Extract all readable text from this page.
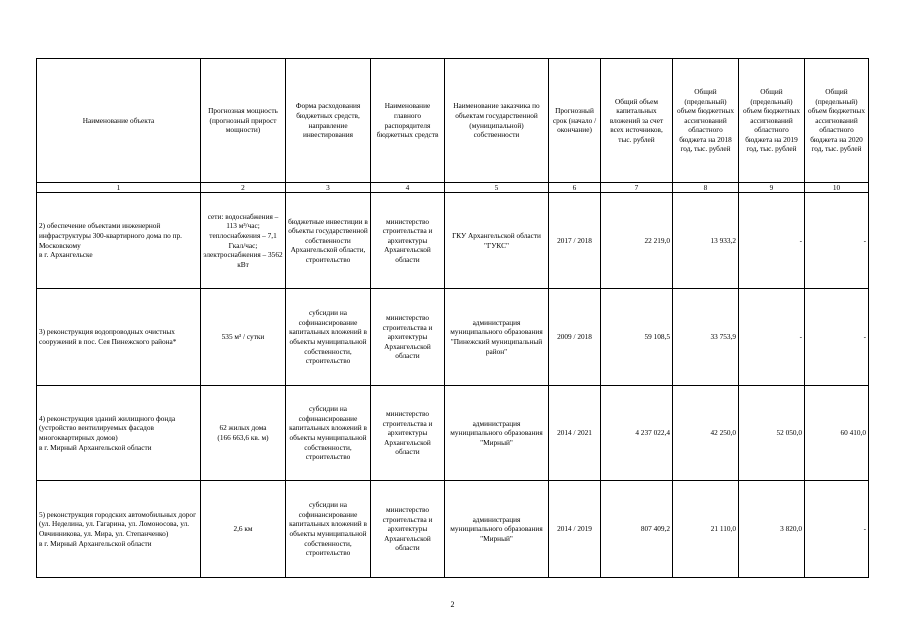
Наименование объекта	Прогнозная мощность (прогнозный прирост мощности)	Форма расходования бюджетных средств, направление инвестирования	Наименование главного распорядителя бюджетных средств	Наименование заказчика по объектам государственной (муниципальной) собственности	Прогнозный срок (начало / окончание)	Общий объем капитальных вложений за счет всех источников, тыс. рублей	Общий (предельный) объем бюджетных ассигнований областного бюджета на 2018 год, тыс. рублей	Общий (предельный) объем бюджетных ассигнований областного бюджета на 2019 год, тыс. рублей	Общий (предельный) объем бюджетных ассигнований областного бюджета на 2020 год, тыс. рублей
1	2	3	4	5	6	7	8	9	10

2) обеспечение объектами инженерной инфраструктуры 300-квартирного дома по пр. Московскому
в г. Архангельске	сети: водоснабжения – 113 м³/час;
теплоснабжения – 7,1 Гкал/час;
электроснабжения – 3562 кВт	бюджетные инвестиции в объекты государственной собственности Архангельской области, строительство	министерство строительства и архитектуры Архангельской области	ГКУ Архангельской области "ГУКС"	2017 / 2018	22 219,0	13 933,2	-	-

3) реконструкция водопроводных очистных сооружений в пос. Сея Пинежского района*	535 м³ / сутки	субсидии на софинансирование капитальных вложений в объекты муниципальной собственности, строительство	министерство строительства и архитектуры Архангельской области	администрация муниципального образования "Пинежский муниципальный район"	2009 / 2018	59 108,5	33 753,9	-	-

4) реконструкция зданий жилищного фонда (устройство вентилируемых фасадов многоквартирных домов)
в г. Мирный Архангельской области	62 жилых дома
(166 663,6 кв. м)	субсидии на софинансирование капитальных вложений в объекты муниципальной собственности, строительство	министерство строительства и архитектуры Архангельской области	администрация муниципального образования "Мирный"	2014 / 2021	4 237 022,4	42 250,0	52 050,0	60 410,0

5) реконструкция городских автомобильных дорог
(ул. Неделина, ул. Гагарина, ул. Ломоносова, ул. Овчинникова, ул. Мира, ул. Степанченко)
в г. Мирный Архангельской области	2,6 км	субсидии на софинансирование капитальных вложений в объекты муниципальной собственности, строительство	министерство строительства и архитектуры Архангельской области	администрация муниципального образования "Мирный"	2014 / 2019	807 409,2	21 110,0	3 820,0	-
2
